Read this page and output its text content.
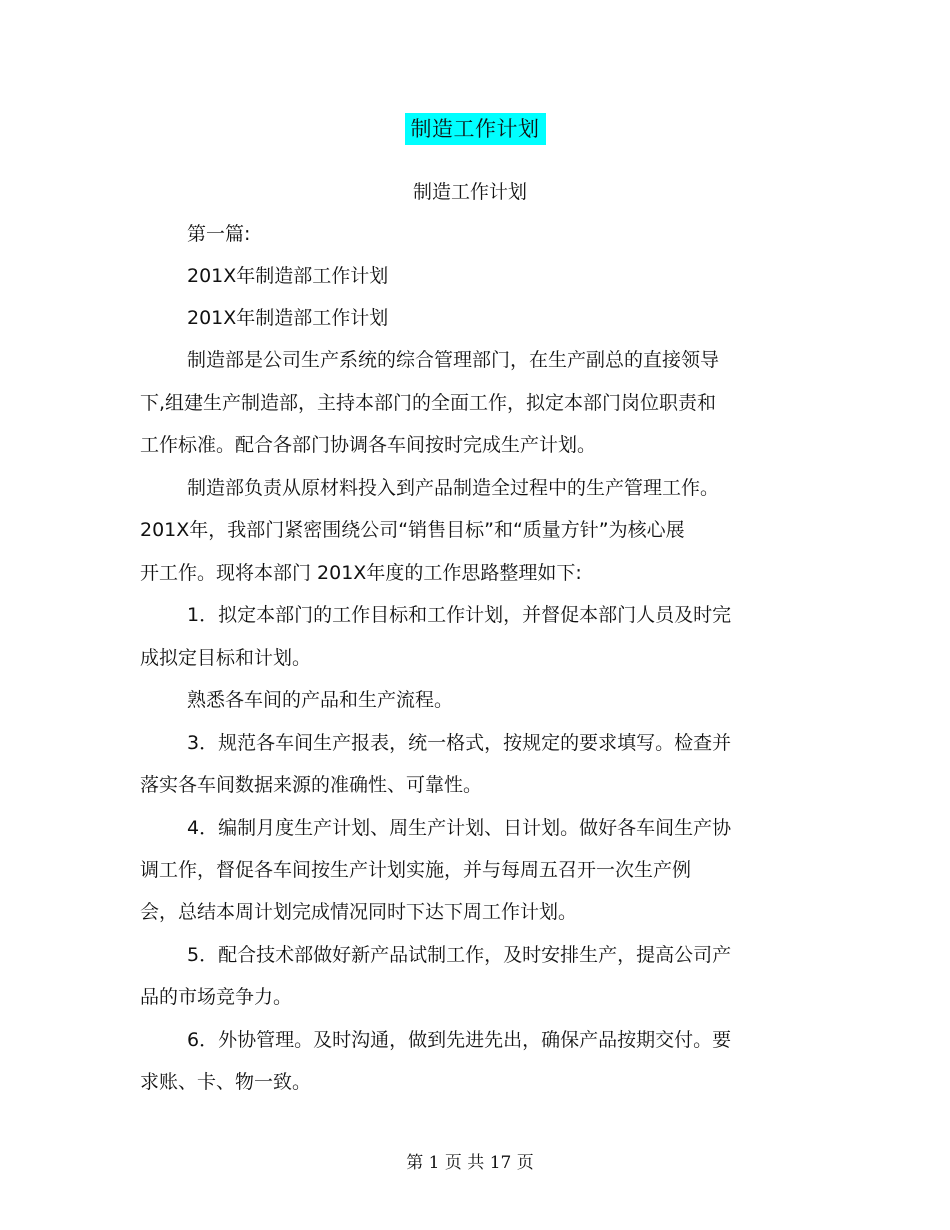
制造工作计划
制造工作计划
第一篇:
201X年制造部工作计划
201X年制造部工作计划
制造部是公司生产系统的综合管理部门，在生产副总的直接领导
下,组建生产制造部，主持本部门的全面工作，拟定本部门岗位职责和
工作标准。配合各部门协调各车间按时完成生产计划。
制造部负责从原材料投入到产品制造全过程中的生产管理工作。
201X年，我部门紧密围绕公司“销售目标”和“质量方针”为核心展
开工作。现将本部门 201X年度的工作思路整理如下:
1．拟定本部门的工作目标和工作计划，并督促本部门人员及时完
成拟定目标和计划。
熟悉各车间的产品和生产流程。
3．规范各车间生产报表，统一格式，按规定的要求填写。检查并
落实各车间数据来源的准确性、可靠性。
4．编制月度生产计划、周生产计划、日计划。做好各车间生产协
调工作，督促各车间按生产计划实施，并与每周五召开一次生产例
会，总结本周计划完成情况同时下达下周工作计划。
5．配合技术部做好新产品试制工作，及时安排生产，提高公司产
品的市场竞争力。
6．外协管理。及时沟通，做到先进先出，确保产品按期交付。要
求账、卡、物一致。
第 1 页 共 17 页
